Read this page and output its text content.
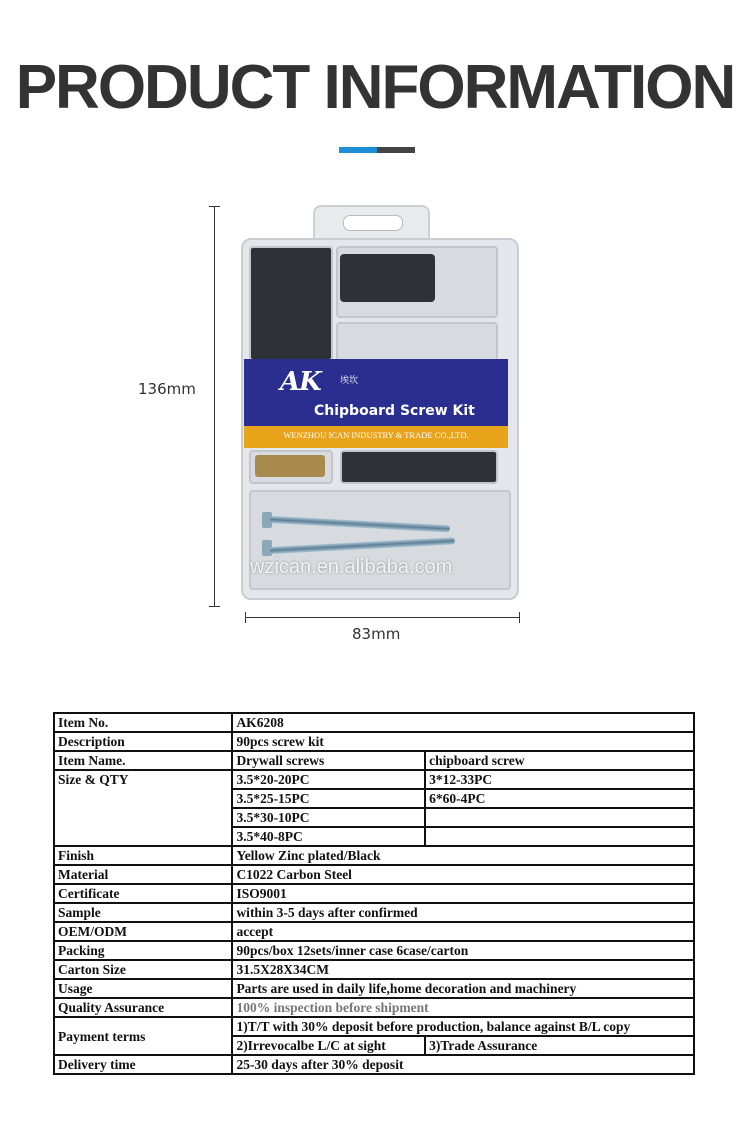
PRODUCT INFORMATION
136mm
83mm
AK 埃坎
Chipboard Screw Kit
WENZHOU ICAN INDUSTRY & TRADE CO.,LTD.
wzican.en.alibaba.com
Item No.	AK6208	
Description	90pcs screw kit	
Item Name.	Drywall screws	chipboard screw
Size & QTY	3.5*20-20PC	3*12-33PC
	3.5*25-15PC	6*60-4PC
	3.5*30-10PC	
	3.5*40-8PC	
Finish	Yellow Zinc plated/Black	
Material	C1022 Carbon Steel	
Certificate	ISO9001	
Sample	within 3-5 days after confirmed	
OEM/ODM	accept	
Packing	90pcs/box 12sets/inner case 6case/carton	
Carton Size	31.5X28X34CM	
Usage	Parts are used in daily life,home decoration and machinery	
Quality Assurance	100% inspection before shipment	
Payment terms	1)T/T with 30% deposit before production, balance against B/L copy	
	2)Irrevocalbe L/C at sight	3)Trade Assurance
Delivery time	25-30 days after 30% deposit	
